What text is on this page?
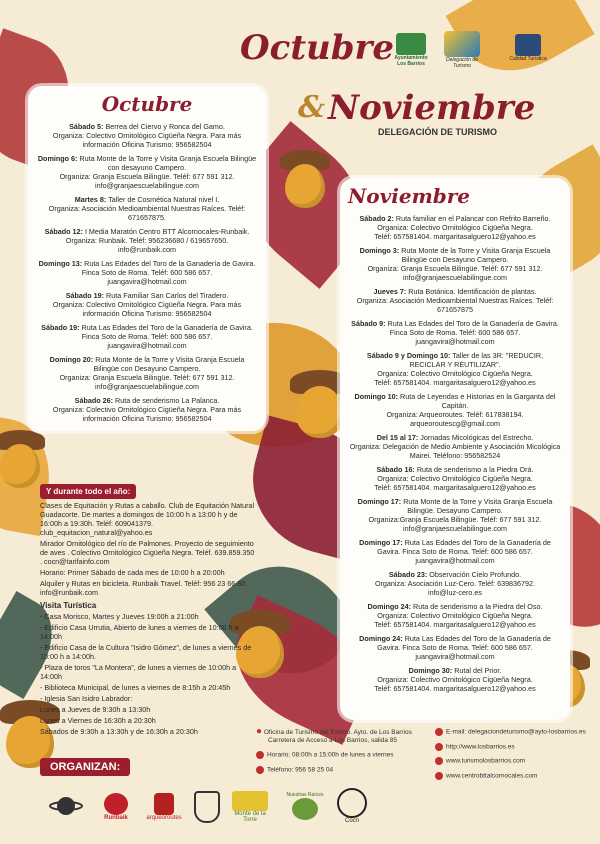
Octubre
& Noviembre
DELEGACIÓN DE TURISMO
Ayuntamiento Los Barrios
Delegación de Turismo
Calidad Turística
Octubre
Sábado 5: Berrea del Ciervo y Ronca del Gamo.
Organiza: Colectivo Ornitológico Cigüeña Negra. Para más información Oficina Turismo: 956582504
Domingo 6: Ruta Monte de la Torre y Visita Granja Escuela Bilingüe con desayuno Campero.
Organiza: Granja Escuela Bilingüe. Teléf: 677 591 312.
info@granjaescuelabilingue.com
Martes 8: Taller de Cosmética Natural nivel I.
Organiza: Asociación Medioambiental Nuestras Raíces. Teléf: 671657875.
Sábado 12: I Media Maratón Centro BTT Alcornocales-Runbaik.
Organiza: Runbaik. Teléf: 956236680 / 619657650.
info@runbaik.com
Domingo 13: Ruta Las Edades del Toro de la Ganadería de Gavira. Finca Soto de Roma. Teléf: 600 586 657.
juangavira@hotmail.com
Sábado 19: Ruta Familiar San Carlos del Tiradero.
Organiza: Colectivo Ornitológico Cigüeña Negra. Para más información Oficina Turismo: 956582504
Sábado 19: Ruta Las Edades del Toro de la Ganadería de Gavira. Finca Soto de Roma. Teléf: 600 586 657.
juangavira@hotmail.com
Domingo 20: Ruta Monte de la Torre y Visita Granja Escuela Bilingüe con Desayuno Campero.
Organiza: Granja Escuela Bilingüe. Teléf: 677 591 312.
info@granjaescuelabilingue.com
Sábado 26: Ruta de senderismo La Palanca.
Organiza: Colectivo Ornitológico Cigüeña Negra. Para más información Oficina Turismo: 956582504
Noviembre
Sábado 2: Ruta familiar en el Palancar con Refrito Barreño.
Organiza: Colectivo Ornitológico Cigüeña Negra.
Teléf: 657581404. margaritasalguero12@yahoo.es
Domingo 3: Ruta Monte de la Torre y Visita Granja Escuela Bilingüe con Desayuno Campero.
Organiza: Granja Escuela Bilingüe. Teléf: 677 591 312.
info@granjaescuelabilingue.com
Jueves 7: Ruta Botánica. Identificación de plantas.
Organiza: Asociación Medioambiental Nuestras Raíces. Teléf: 671657875
Sábado 9: Ruta Las Edades del Toro de la Ganadería de Gavira. Finca Soto de Roma. Teléf: 600 586 657.
juangavira@hotmail.com
Sábado 9 y Domingo 10: Taller de las 3R: "REDUCIR, RECICLAR Y REUTILIZAR".
Organiza: Colectivo Ornitológico Cigüeña Negra.
Teléf: 657581404. margaritasalguero12@yahoo.es
Domingo 10: Ruta de Leyendas e Historias en la Garganta del Capitán.
Organiza: Arqueoroutes. Teléf: 617838194.
arqueoroutescg@gmail.com
Del 15 al 17: Jornadas Micológicas del Estrecho.
Organiza: Delegación de Medio Ambiente y Asociación Micológica Mairei. Teléfono: 956582524
Sábado 16: Ruta de senderismo a la Piedra Orá.
Organiza: Colectivo Ornitológico Cigüeña Negra.
Teléf: 657581404. margaritasalguero12@yahoo.es
Domingo 17: Ruta Monte de la Torre y Visita Granja Escuela Bilingüe. Desayuno Campero.
Organiza:Granja Escuela Bilingüe. Teléf: 677 591 312.
info@granjaescuelabilingue.com
Domingo 17: Ruta Las Edades del Toro de la Ganadería de Gavira. Finca Soto de Roma. Teléf: 600 586 657.
juangavira@hotmail.com
Sábado 23: Observación Cielo Profundo.
Organiza: Asociación Luz-Cero. Teléf: 639836792.
info@luz-cero.es
Domingo 24: Ruta de senderismo a la Piedra del Oso.
Organiza: Colectivo Ornitológico Cigüeña Negra.
Teléf: 657581404. margaritasalguero12@yahoo.es
Domingo 24: Ruta Las Edades del Toro de la Ganadería de Gavira. Finca Soto de Roma. Teléf: 600 586 657.
juangavira@hotmail.com
Domingo 30: Rutal del Prior.
Organiza: Colectivo Ornitológico Cigüeña Negra.
Teléf: 657581404. margaritasalguero12@yahoo.es
Y durante todo el año:

Clases de Equitación y Rutas a caballo. Club de Equitación Natural Guadacorte. De martes a domingos de 10:00 h a 13:00 h y de 16:00h a 19:30h. Teléf: 609041379. club_equitacion_natural@yahoo.es

Mirador Ornitológico del río de Palmones. Proyecto de seguimiento de aves . Colectivo Ornitológico Cigüeña Negra. Teléf. 639.859.350 . cocn@tarifainfo.com

Horario: Primer Sábado de cada mes de 10:00 h a 20:00h

Alquiler y Rutas en bicicleta. Runbaik Travel. Teléf: 956 23 66 80. info@runbaik.com

Visita Turística

- Casa Morisco, Martes y Jueves 19:00h a 21:00h

- Edificio Casa Urrutia, Abierto de lunes a viernes de 10:00 h a 14:00h

- Edificio Casa de la Cultura "Isidro Gómez", de lunes a viernes de 10:00 h a 14:00h.

- Plaza de toros "La Montera", de lunes a viernes de 10:00h a 14:00h

- Biblioteca Municipal, de lunes a viernes de 8:15h a 20:45h

- Iglesia San Isidro Labrador:

Lunes a Jueves de 9:30h a 13:30h

Lunes a Viernes de 16:30h a 20:30h

Sábados de 9:30h a 13:30h y de 16:30h a 20:30h

ORGANIZAN:
Runbaik	arqueoroutes
Monte de la Torre
Nuestras Raíces
Cocn
● Oficina de Turismo del Excmo. Ayto. de Los Barrios
Carretera de Acceso a Los Barrios, salida 85
Horario: 08:00h a 15:00h de lunes a viernes
Teléfono: 956 58 25 04
E-mail: delegaciondeturismo@ayto-losbarrios.es
http://www.losbarrios.es
www.turismolosbarrios.com
www.centrobttalcornocales.com
